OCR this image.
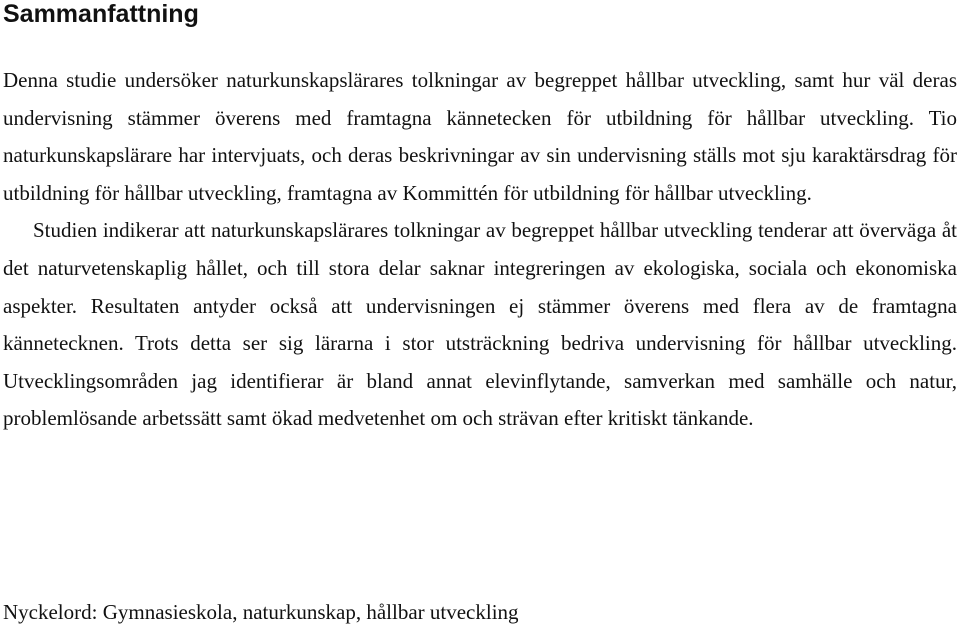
Sammanfattning

Denna studie undersöker naturkunskapslärares tolkningar av begreppet hållbar utveckling, samt hur väl deras undervisning stämmer överens med framtagna kännetecken för utbildning för hållbar utveckling. Tio naturkunskapslärare har intervjuats, och deras beskrivningar av sin undervisning ställs mot sju karaktärsdrag för utbildning för hållbar utveckling, framtagna av Kommittén för utbildning för hållbar utveckling.

Studien indikerar att naturkunskapslärares tolkningar av begreppet hållbar utveckling tenderar att överväga åt det naturvetenskaplig hållet, och till stora delar saknar integreringen av ekologiska, sociala och ekonomiska aspekter. Resultaten antyder också att undervisningen ej stämmer överens med flera av de framtagna kännetecknen. Trots detta ser sig lärarna i stor utsträckning bedriva undervisning för hållbar utveckling. Utvecklingsområden jag identifierar är bland annat elevinflytande, samverkan med samhälle och natur, problemlösande arbetssätt samt ökad medvetenhet om och strävan efter kritiskt tänkande.

Nyckelord: Gymnasieskola, naturkunskap, hållbar utveckling
